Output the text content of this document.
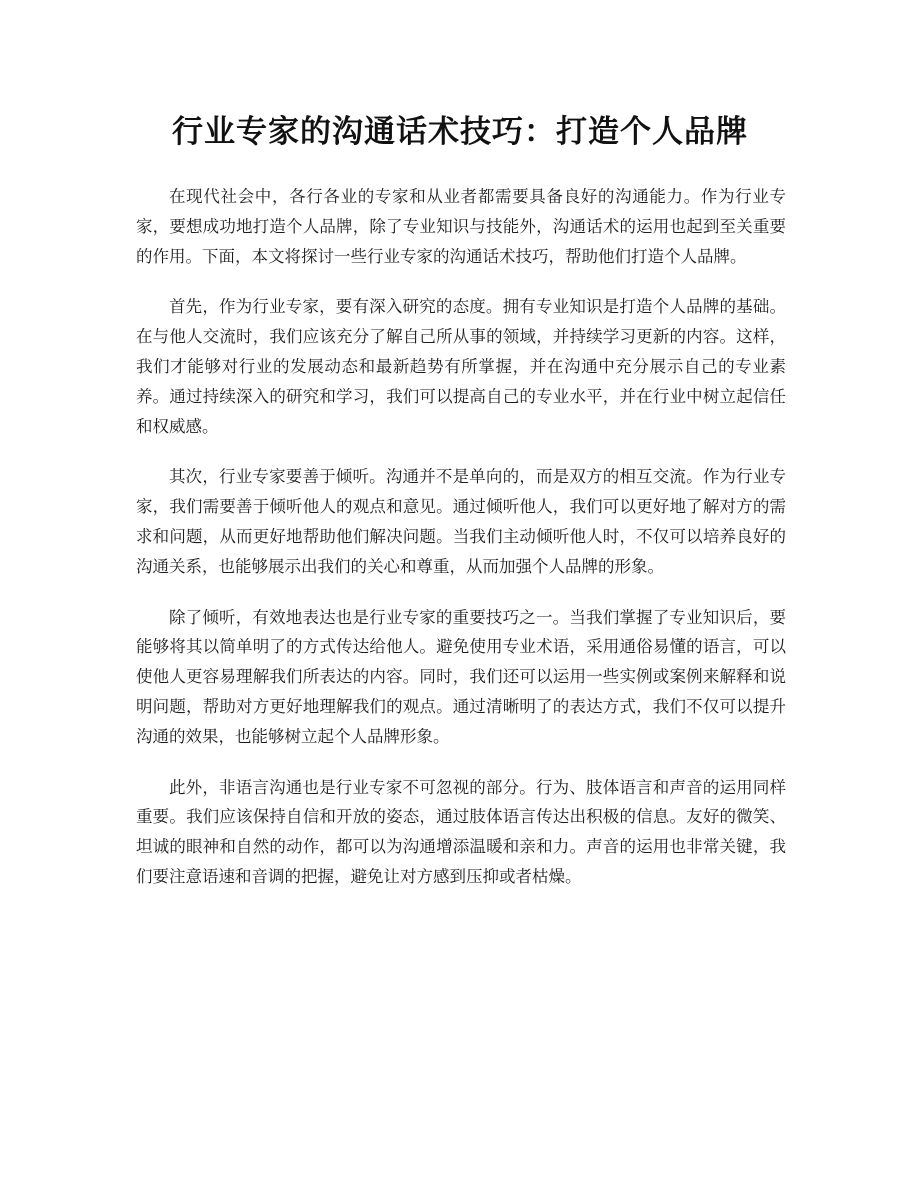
行业专家的沟通话术技巧：打造个人品牌

在现代社会中，各行各业的专家和从业者都需要具备良好的沟通能力。作为行业专家，要想成功地打造个人品牌，除了专业知识与技能外，沟通话术的运用也起到至关重要的作用。下面，本文将探讨一些行业专家的沟通话术技巧，帮助他们打造个人品牌。

首先，作为行业专家，要有深入研究的态度。拥有专业知识是打造个人品牌的基础。在与他人交流时，我们应该充分了解自己所从事的领域，并持续学习更新的内容。这样，我们才能够对行业的发展动态和最新趋势有所掌握，并在沟通中充分展示自己的专业素养。通过持续深入的研究和学习，我们可以提高自己的专业水平，并在行业中树立起信任和权威感。

其次，行业专家要善于倾听。沟通并不是单向的，而是双方的相互交流。作为行业专家，我们需要善于倾听他人的观点和意见。通过倾听他人，我们可以更好地了解对方的需求和问题，从而更好地帮助他们解决问题。当我们主动倾听他人时，不仅可以培养良好的沟通关系，也能够展示出我们的关心和尊重，从而加强个人品牌的形象。

除了倾听，有效地表达也是行业专家的重要技巧之一。当我们掌握了专业知识后，要能够将其以简单明了的方式传达给他人。避免使用专业术语，采用通俗易懂的语言，可以使他人更容易理解我们所表达的内容。同时，我们还可以运用一些实例或案例来解释和说明问题，帮助对方更好地理解我们的观点。通过清晰明了的表达方式，我们不仅可以提升沟通的效果，也能够树立起个人品牌形象。

此外，非语言沟通也是行业专家不可忽视的部分。行为、肢体语言和声音的运用同样重要。我们应该保持自信和开放的姿态，通过肢体语言传达出积极的信息。友好的微笑、坦诚的眼神和自然的动作，都可以为沟通增添温暖和亲和力。声音的运用也非常关键，我们要注意语速和音调的把握，避免让对方感到压抑或者枯燥。
